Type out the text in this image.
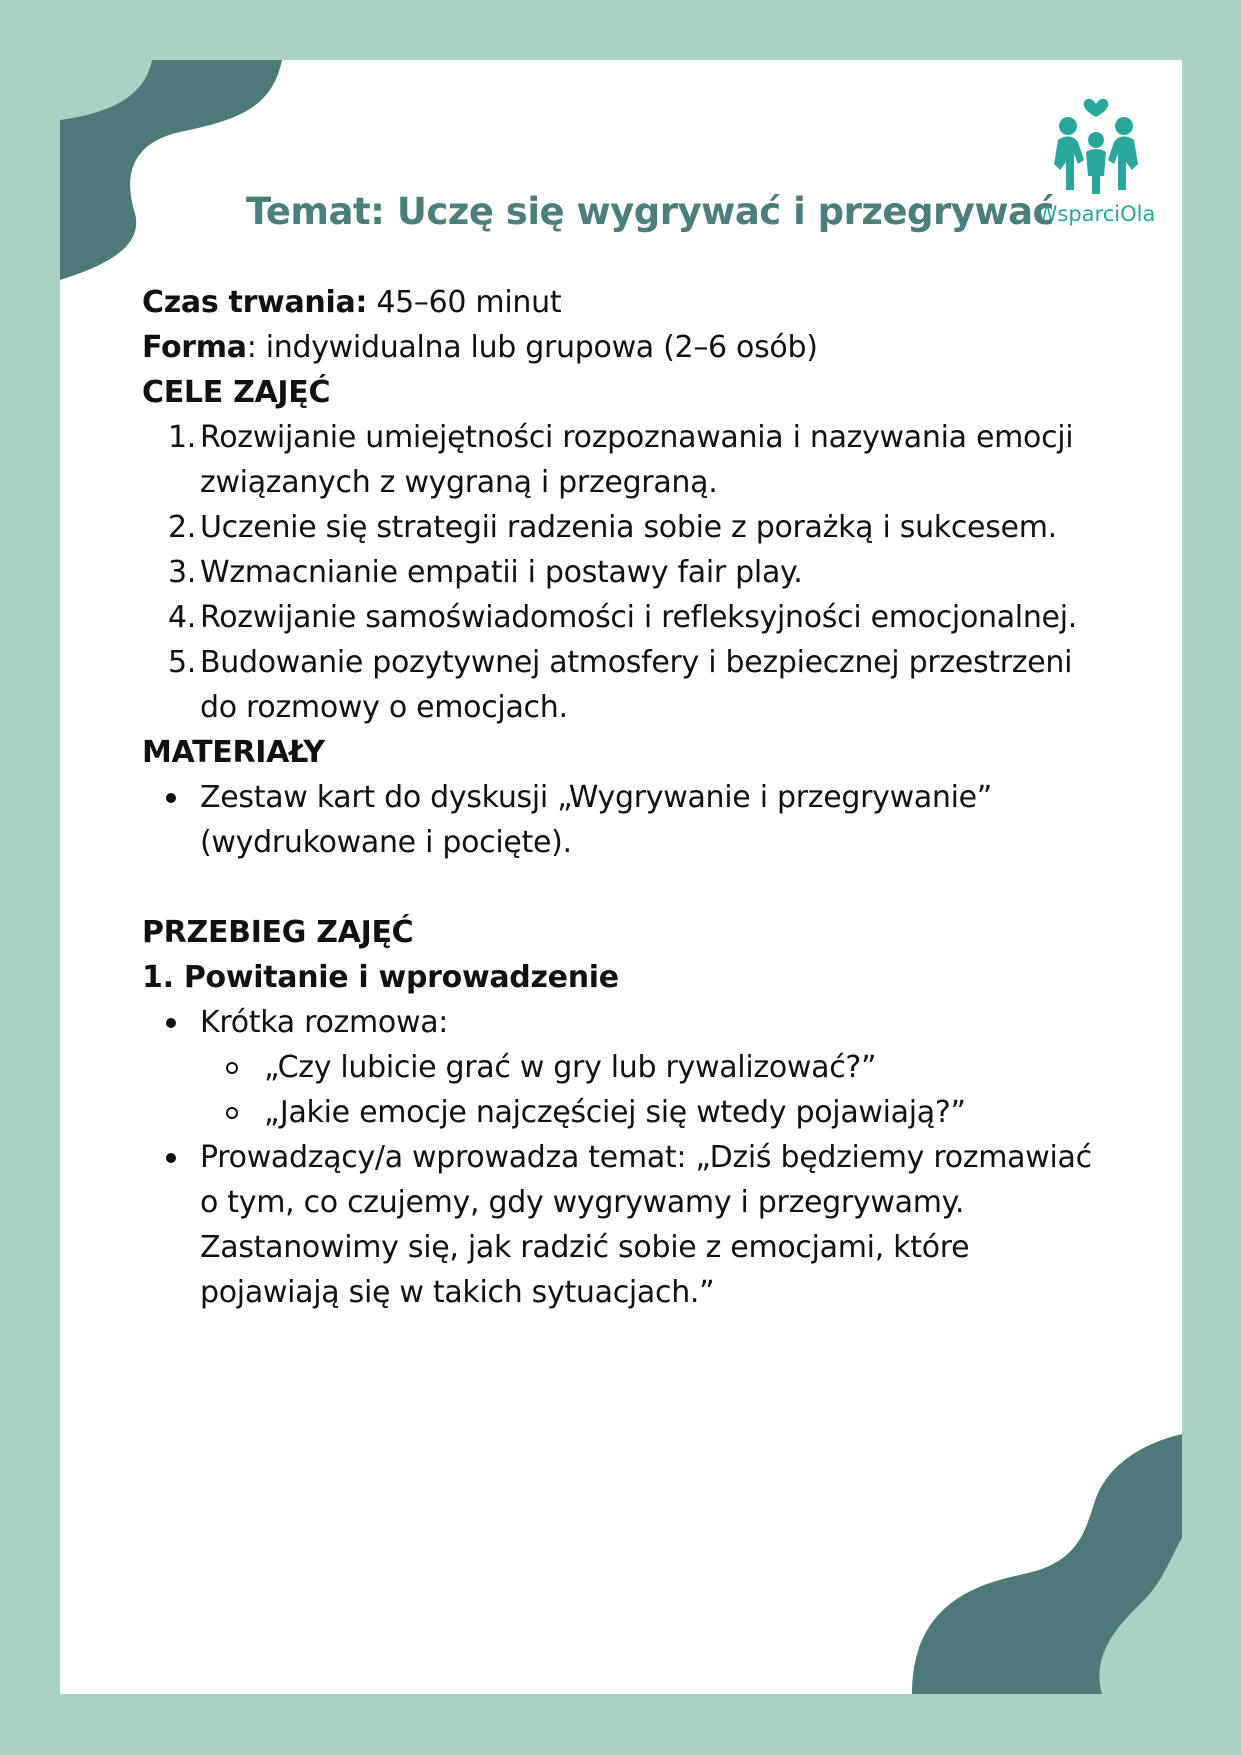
WsparciOla
Temat: Uczę się wygrywać i przegrywać

Czas trwania: 45–60 minut

Forma: indywidualna lub grupowa (2–6 osób)

CELE ZAJĘĆ

1. Rozwijanie umiejętności rozpoznawania i nazywania emocji związanych z wygraną i przegraną.
2. Uczenie się strategii radzenia sobie z porażką i sukcesem.
3. Wzmacnianie empatii i postawy fair play.
4. Rozwijanie samoświadomości i refleksyjności emocjonalnej.
5. Budowanie pozytywnej atmosfery i bezpiecznej przestrzeni do rozmowy o emocjach.

MATERIAŁY

Zestaw kart do dyskusji „Wygrywanie i przegrywanie” (wydrukowane i pocięte).

PRZEBIEG ZAJĘĆ

1. Powitanie i wprowadzenie

Krótka rozmowa:
„Czy lubicie grać w gry lub rywalizować?”
„Jakie emocje najczęściej się wtedy pojawiają?”
Prowadzący/a wprowadza temat: „Dziś będziemy rozmawiać o tym, co czujemy, gdy wygrywamy i przegrywamy. Zastanowimy się, jak radzić sobie z emocjami, które pojawiają się w takich sytuacjach.”
